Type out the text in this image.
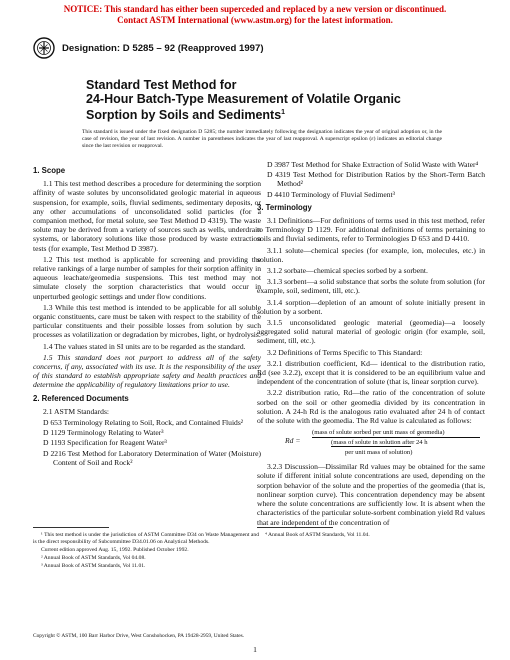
NOTICE: This standard has either been superceded and replaced by a new version or discontinued.
Contact ASTM International (www.astm.org) for the latest information.
Designation: D 5285 – 92 (Reapproved 1997)
Standard Test Method for
24-Hour Batch-Type Measurement of Volatile Organic
Sorption by Soils and Sediments$^1$
This standard is issued under the fixed designation D 5285; the number immediately following the designation indicates the year of original adoption or, in the case of revision, the year of last revision. A number in parentheses indicates the year of last reapproval. A superscript epsilon (ε) indicates an editorial change since the last revision or reapproval.
1. Scope

1.1 This test method describes a procedure for determining the sorption affinity of waste solutes by unconsolidated geologic material in aqueous suspension, for example, soils, fluvial sediments, sedimentary deposits, or any other accumulations of unconsolidated solid particles (for a companion method, for metal solute, see Test Method D 4319). The waste solute may be derived from a variety of sources such as wells, underdrain systems, or laboratory solutions like those produced by waste extraction tests (for example, Test Method D 3987).

1.2 This test method is applicable for screening and providing the relative rankings of a large number of samples for their sorption affinity in aqueous leachate/geomedia suspensions. This test method may not simulate closely the sorption characteristics that would occur in unperturbed geologic settings and under flow conditions.

1.3 While this test method is intended to be applicable for all soluble organic constituents, care must be taken with respect to the stability of the particular constituents and their possible losses from solution by such processes as volatilization or degradation by microbes, light, or hydrolysis.

1.4 The values stated in SI units are to be regarded as the standard.

1.5 This standard does not purport to address all of the safety concerns, if any, associated with its use. It is the responsibility of the user of this standard to establish appropriate safety and health practices and determine the applicability of regulatory limitations prior to use.

2. Referenced Documents

2.1 ASTM Standards:

D 653 Terminology Relating to Soil, Rock, and Contained Fluids²

D 1129 Terminology Relating to Water³

D 1193 Specification for Reagent Water³

D 2216 Test Method for Laboratory Determination of Water (Moisture) Content of Soil and Rock²

D 3987 Test Method for Shake Extraction of Solid Waste with Water⁴

D 4319 Test Method for Distribution Ratios by the Short-Term Batch Method²

D 4410 Terminology of Fluvial Sediment³

3. Terminology

3.1 Definitions—For definitions of terms used in this test method, refer to Terminology D 1129. For additional definitions of terms pertaining to soils and fluvial sediments, refer to Terminologies D 653 and D 4410.

3.1.1 solute—chemical species (for example, ion, molecules, etc.) in solution.

3.1.2 sorbate—chemical species sorbed by a sorbent.

3.1.3 sorbent—a solid substance that sorbs the solute from solution (for example, soil, sediment, till, etc.).

3.1.4 sorption—depletion of an amount of solute initially present in solution by a sorbent.

3.1.5 unconsolidated geologic material (geomedia)—a loosely aggregated solid natural material of geologic origin (for example, soil, sediment, till, etc.).

3.2 Definitions of Terms Specific to This Standard:

3.2.1 distribution coefficient, Kd— identical to the distribution ratio, Rd (see 3.2.2), except that it is considered to be an equilibrium value and independent of the concentration of solute (that is, linear sorption curve).

3.2.2 distribution ratio, Rd—the ratio of the concentration of solute sorbed on the soil or other geomedia divided by its concentration in solution. A 24-h Rd is the analogous ratio evaluated after 24 h of contact of the solute with the geomedia. The Rd value is calculated as follows:

Rd =
(mass of solute sorbed per unit mass of geomedia)
(mass of solute in solution after 24 h
per unit mass of solution)

3.2.3 Discussion—Dissimilar Rd values may be obtained for the same solute if different initial solute concentrations are used, depending on the sorption behavior of the solute and the properties of the geomedia (that is, nonlinear sorption curve). This concentration dependency may be absent where the solute concentrations are sufficiently low. It is absent when the characteristics of the particular solute-sorbent combination yield Rd values that are independent of the concentration of

¹ This test method is under the jurisdiction of ASTM Committee D34 on Waste Management and is the direct responsibility of Subcommittee D34.01.06 on Analytical Methods.

Current edition approved Aug. 15, 1992. Published October 1992.

² Annual Book of ASTM Standards, Vol 04.08.

³ Annual Book of ASTM Standards, Vol 11.01.

⁴ Annual Book of ASTM Standards, Vol 11.04.

Copyright © ASTM, 100 Barr Harbor Drive, West Conshohocken, PA 19428-2959, United States.
1
